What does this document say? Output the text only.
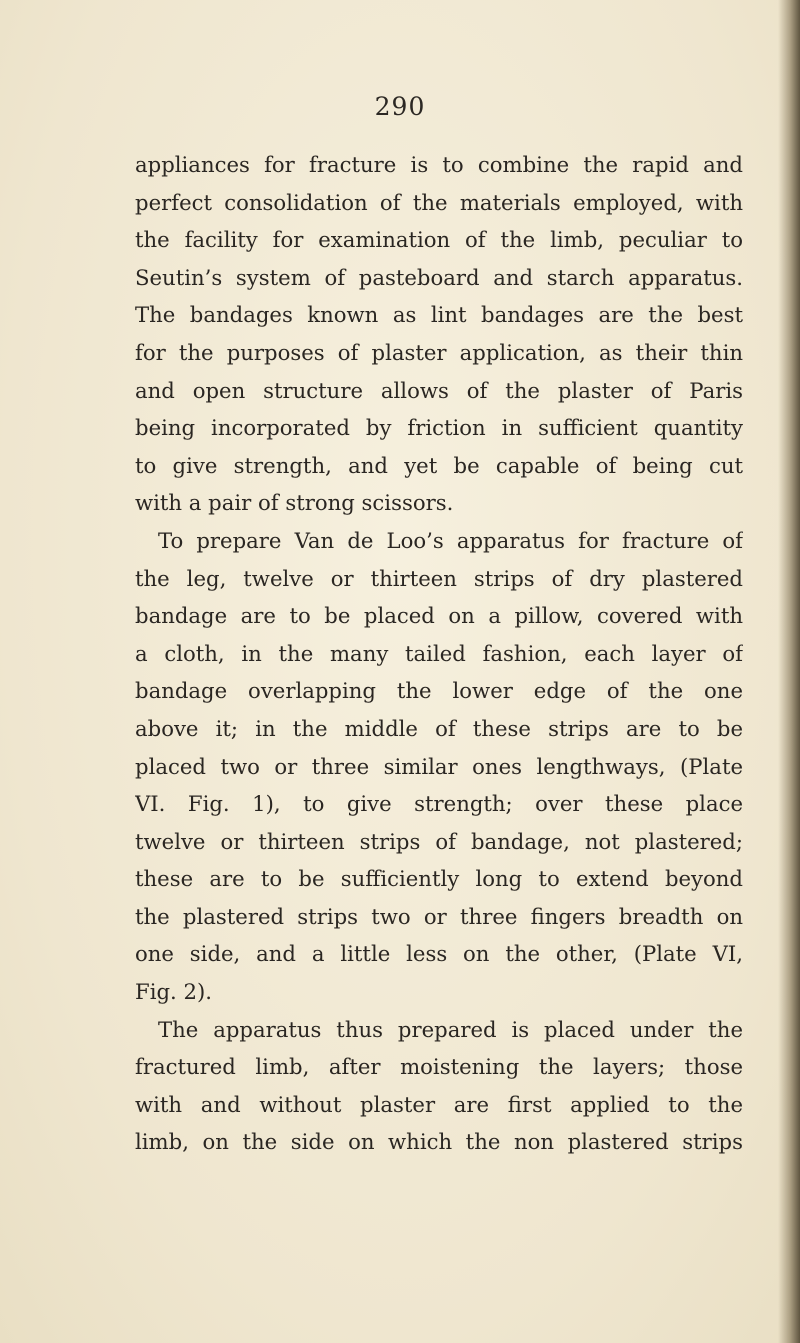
290
appliances for fracture is to combine the rapid and
perfect consolidation of the materials employed, with
the facility for examination of the limb, peculiar to
Seutin’s system of pasteboard and starch apparatus.
The bandages known as lint bandages are the best
for the purposes of plaster application, as their thin
and open structure allows of the plaster of Paris
being incorporated by friction in sufficient quantity
to give strength, and yet be capable of being cut
with a pair of strong scissors.
To prepare Van de Loo’s apparatus for fracture of
the leg, twelve or thirteen strips of dry plastered
bandage are to be placed on a pillow, covered with
a cloth, in the many tailed fashion, each layer of
bandage overlapping the lower edge of the one
above it; in the middle of these strips are to be
placed two or three similar ones lengthways, (Plate
VI. Fig. 1), to give strength; over these place
twelve or thirteen strips of bandage, not plastered;
these are to be sufficiently long to extend beyond
the plastered strips two or three fingers breadth on
one side, and a little less on the other, (Plate VI,
Fig. 2).
The apparatus thus prepared is placed under the
fractured limb, after moistening the layers; those
with and without plaster are first applied to the
limb, on the side on which the non plastered strips
